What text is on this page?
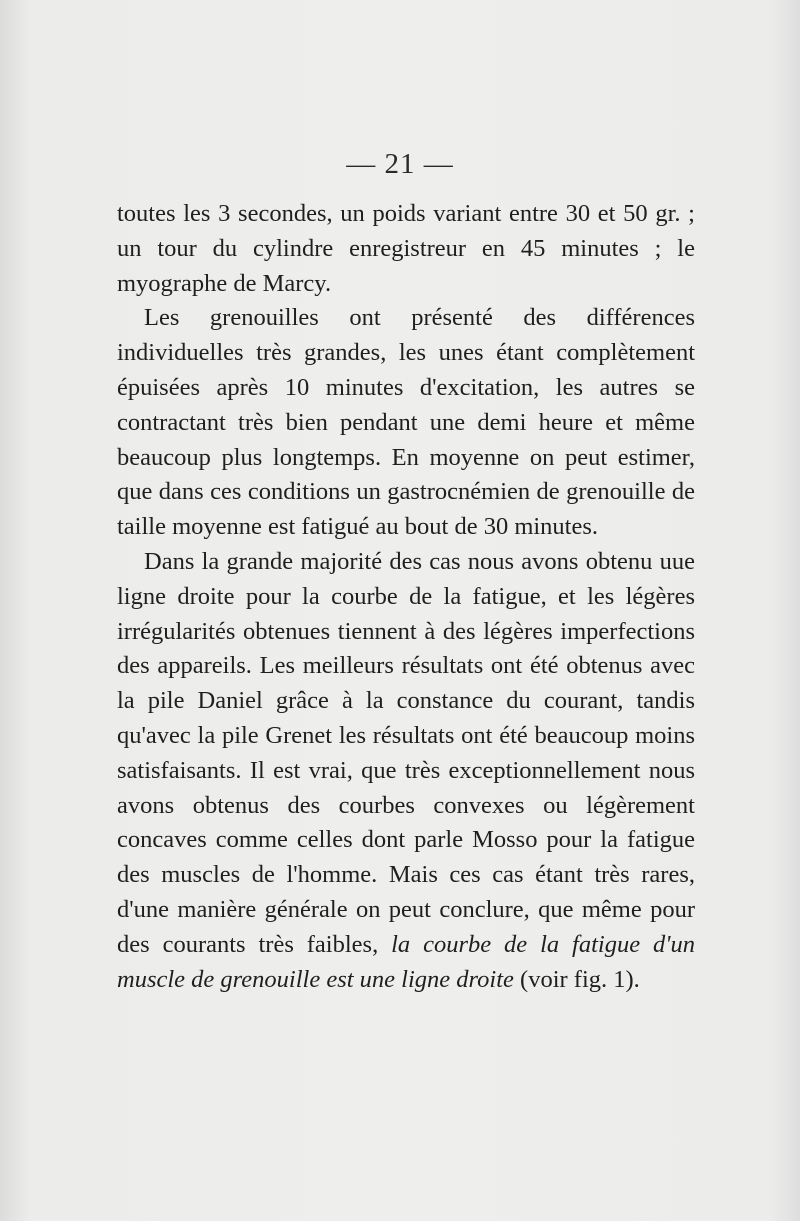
— 21 —

toutes les 3 secondes, un poids variant entre 30 et 50 gr. ; un tour du cylindre enregistreur en 45 minutes ; le myographe de Marcy.

Les grenouilles ont présenté des différences individuelles très grandes, les unes étant complètement épuisées après 10 minutes d'excitation, les autres se contractant très bien pendant une demi heure et même beaucoup plus longtemps. En moyenne on peut estimer, que dans ces conditions un gastrocnémien de grenouille de taille moyenne est fatigué au bout de 30 minutes.

Dans la grande majorité des cas nous avons obtenu uue ligne droite pour la courbe de la fatigue, et les légères irrégularités obtenues tiennent à des légères imperfections des appareils. Les meilleurs résultats ont été obtenus avec la pile Daniel grâce à la constance du courant, tandis qu'avec la pile Grenet les résultats ont été beaucoup moins satisfaisants. Il est vrai, que très exceptionnellement nous avons obtenus des courbes convexes ou légèrement concaves comme celles dont parle Mosso pour la fatigue des muscles de l'homme. Mais ces cas étant très rares, d'une manière générale on peut conclure, que même pour des courants très faibles, la courbe de la fatigue d'un muscle de grenouille est une ligne droite (voir fig. 1).
